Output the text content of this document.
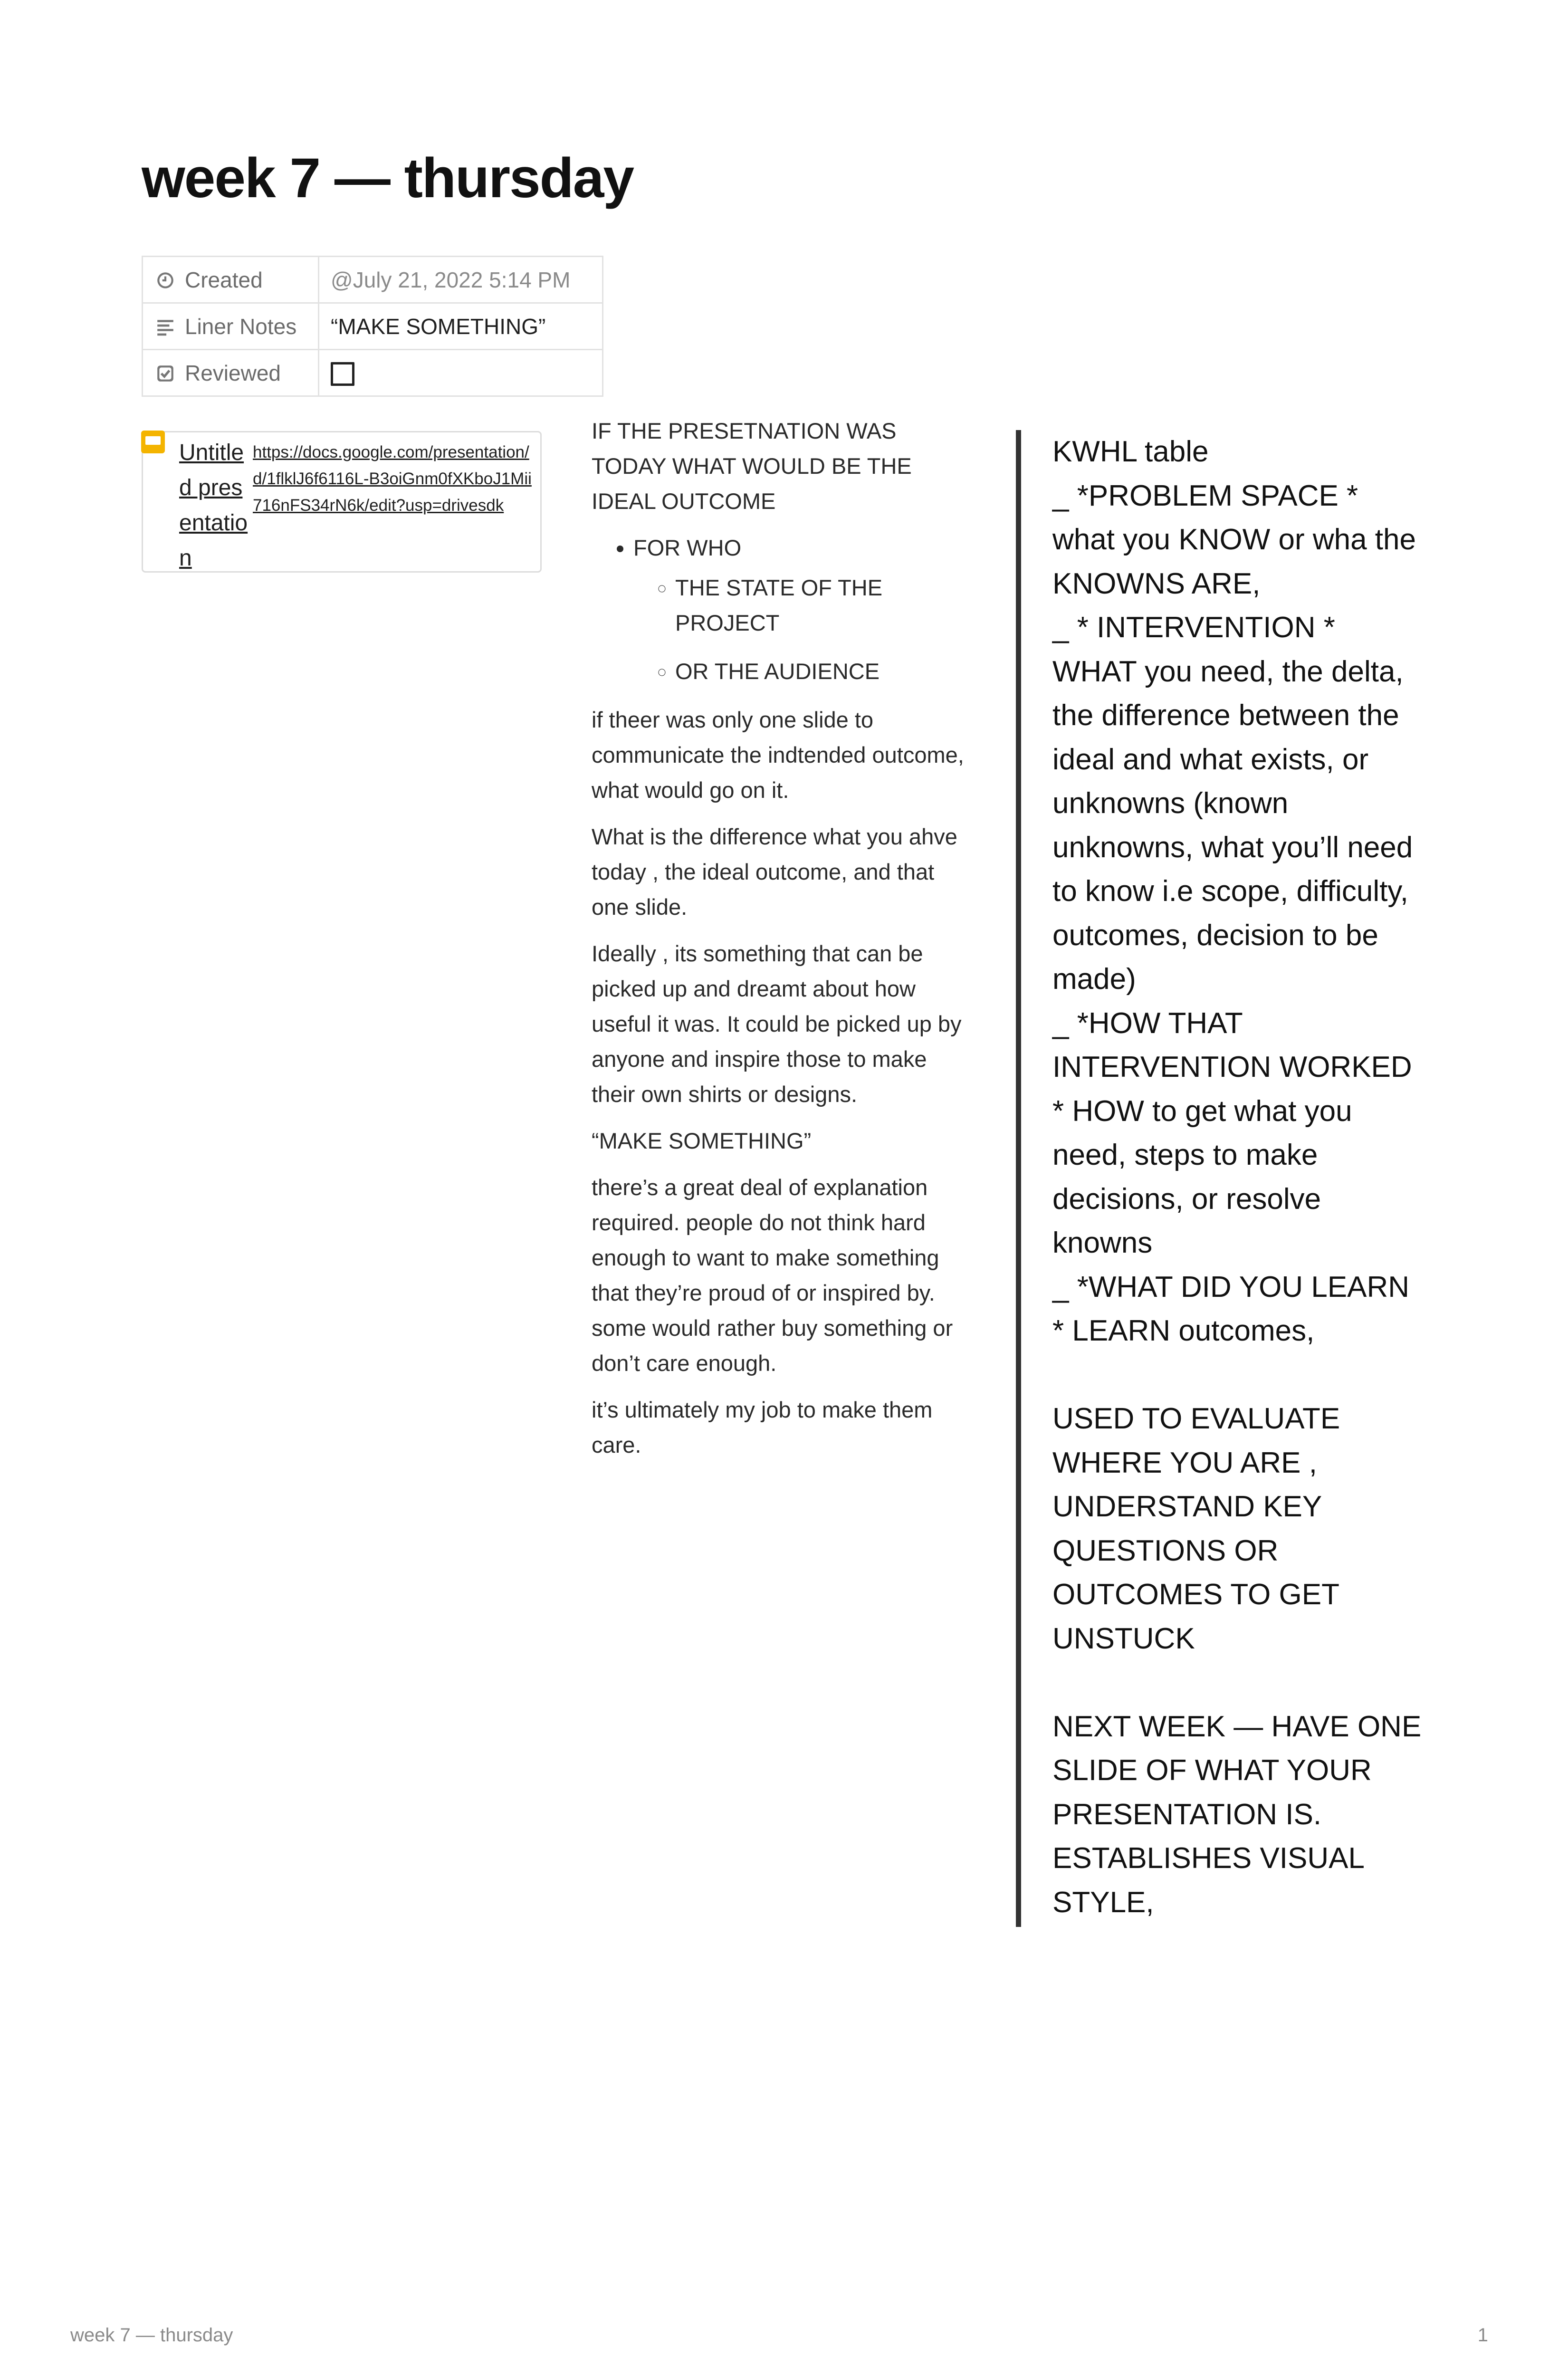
week 7 — thursday
Created	@July 21, 2022 5:14 PM
Liner Notes	“MAKE SOMETHING”
Reviewed	
Untitled presentation
https://docs.google.com/presentation/d/1flklJ6f6116L-B3oiGnm0fXKboJ1Mii716nFS34rN6k/edit?usp=drivesdk

IF THE PRESETNATION WAS TODAY WHAT WOULD BE THE IDEAL OUTCOME

• FOR WHO
◦ THE STATE OF THE PROJECT
◦ OR THE AUDIENCE

if theer was only one slide to communicate the indtended outcome, what would go on it.

What is the difference what you ahve today , the ideal outcome, and that one slide.

Ideally , its something that can be picked up and dreamt about how useful it was. It could be picked up by anyone and inspire those to make their own shirts or designs.

“MAKE SOMETHING”

there’s a great deal of explanation required. people do not think hard enough to want to make something that they’re proud of or inspired by. some would rather buy something or don’t care enough.

it’s ultimately my job to make them care.

KWHL table
_ *PROBLEM SPACE *
what you KNOW or wha the
KNOWNS ARE,
_ * INTERVENTION *
WHAT you need, the delta,
the difference between the
ideal and what exists, or
unknowns (known
unknowns, what you’ll need
to know i.e scope, difficulty,
outcomes, decision to be
made)
_ *HOW THAT
INTERVENTION WORKED
* HOW to get what you
need, steps to make
decisions, or resolve
knowns
_ *WHAT DID YOU LEARN
* LEARN outcomes,
USED TO EVALUATE
WHERE YOU ARE ,
UNDERSTAND KEY
QUESTIONS OR
OUTCOMES TO GET
UNSTUCK
NEXT WEEK — HAVE ONE
SLIDE OF WHAT YOUR
PRESENTATION IS.
ESTABLISHES VISUAL
STYLE,
week 7 — thursday	1
